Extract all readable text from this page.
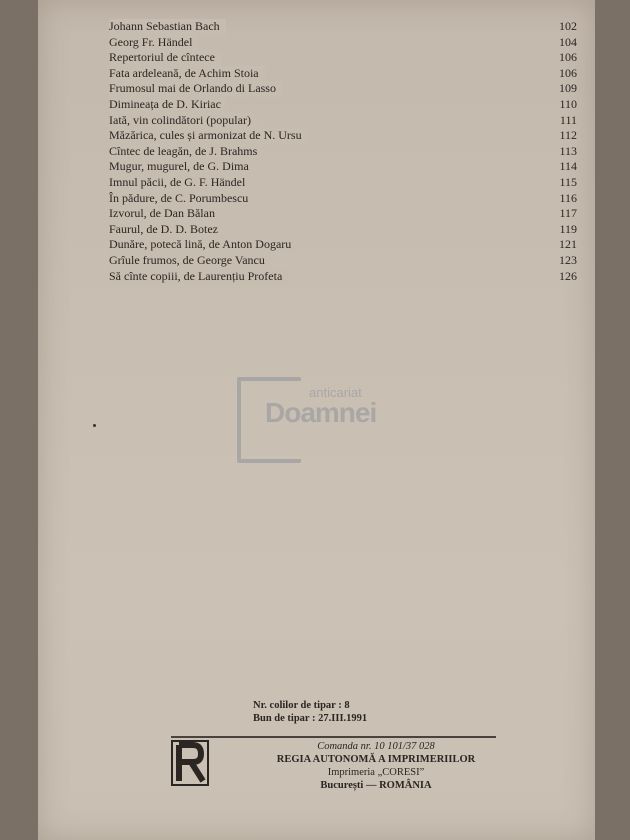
Johann Sebastian Bach	102
Georg Fr. Händel	104
Repertoriul de cîntece	106
Fata ardeleană, de Achim Stoia	106
Frumosul mai de Orlando di Lasso	109
Dimineața de D. Kiriac	110
Iată, vin colindători (popular)	111
Măzărica, cules și armonizat de N. Ursu	112
Cîntec de leagăn, de J. Brahms	113
Mugur, mugurel, de G. Dima	114
Imnul păcii, de G. F. Händel	115
În pădure, de C. Porumbescu	116
Izvorul, de Dan Bălan	117
Faurul, de D. D. Botez	119
Dunăre, potecă lină, de Anton Dogaru	121
Grîule frumos, de George Vancu	123
Să cînte copiii, de Laurențiu Profeta	126
anticariat
Doamnei
Nr. colilor de tipar : 8
Bun de tipar : 27.III.1991
Comanda nr. 10 101/37 028
REGIA AUTONOMĂ A IMPRIMERIILOR
Imprimeria „CORESI”
București — ROMÂNIA
